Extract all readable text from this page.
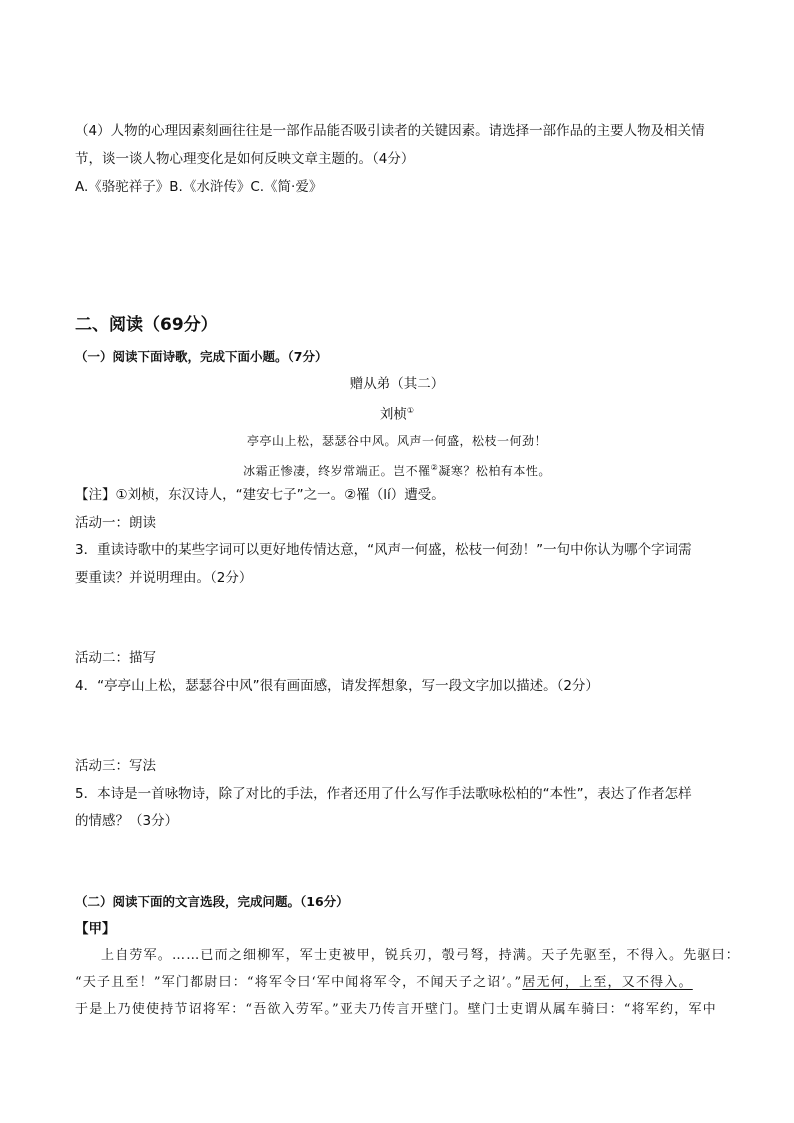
（4）人物的心理因素刻画往往是一部作品能否吸引读者的关键因素。请选择一部作品的主要人物及相关情
节，谈一谈人物心理变化是如何反映文章主题的。（4分）
A.《骆驼祥子》B.《水浒传》C.《简·爱》
二、阅读（69分）
（一）阅读下面诗歌，完成下面小题。（7分）
赠从弟（其二）
刘桢①
亭亭山上松，瑟瑟谷中风。风声一何盛，松枝一何劲！
冰霜正惨凄，终岁常端正。岂不罹②凝寒？松柏有本性。
【注】①刘桢，东汉诗人，“建安七子”之一。②罹（lí）遭受。
活动一：朗读
3．重读诗歌中的某些字词可以更好地传情达意，“风声一何盛，松枝一何劲！”一句中你认为哪个字词需
要重读？并说明理由。（2分）
活动二：描写
4．“亭亭山上松，瑟瑟谷中风”很有画面感，请发挥想象，写一段文字加以描述。（2分）
活动三：写法
5．本诗是一首咏物诗，除了对比的手法，作者还用了什么写作手法歌咏松柏的“本性”，表达了作者怎样
的情感？（3分）
（二）阅读下面的文言选段，完成问题。（16分）
【甲】
上自劳军。……已而之细柳军，军士吏被甲，锐兵刃，彀弓弩，持满。天子先驱至，不得入。先驱曰：
“天子且至！”军门都尉曰：“将军令曰‘军中闻将军令，不闻天子之诏’。”居无何，上至，又不得入。
于是上乃使使持节诏将军：“吾欲入劳军。”亚夫乃传言开壁门。壁门士吏谓从属车骑曰：“将军约，军中
